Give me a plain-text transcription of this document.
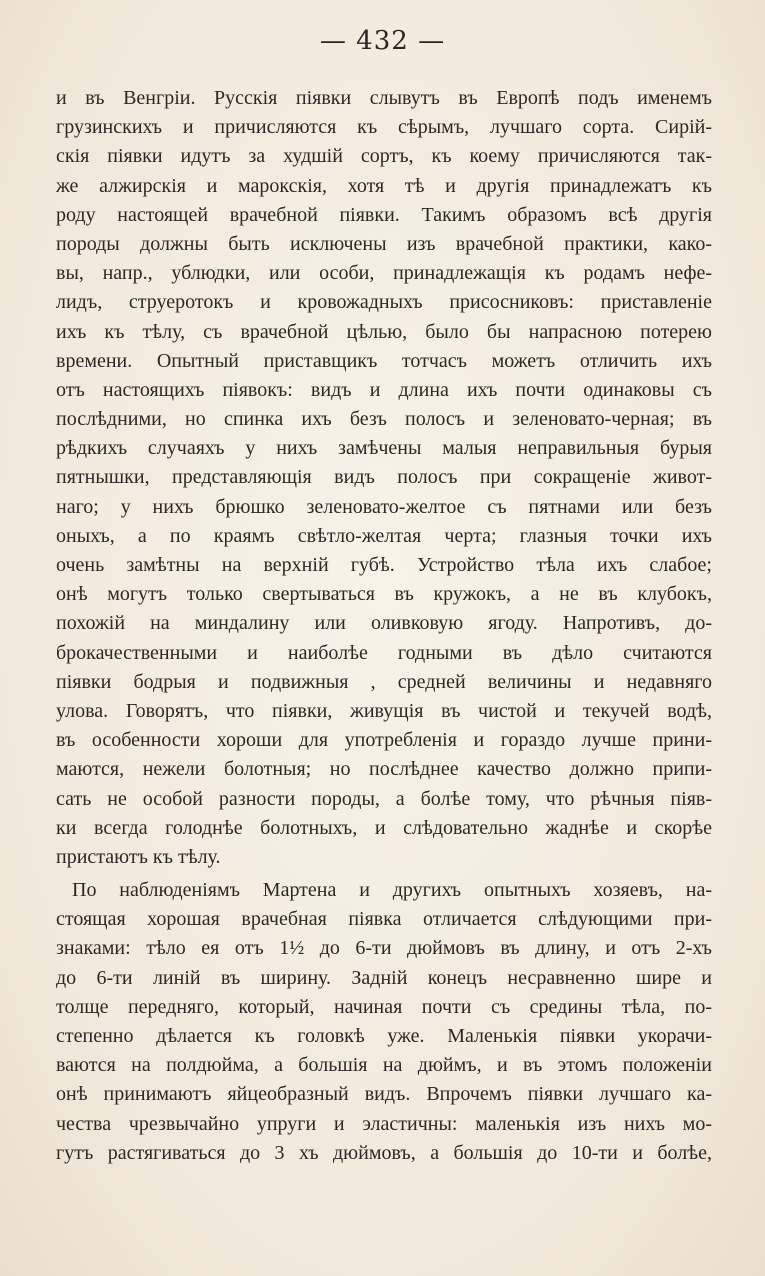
— 432 —
и въ Венгріи. Русскія піявки слывутъ въ Европѣ подъ именемъ
грузинскихъ и причисляются къ сѣрымъ, лучшаго сорта. Сирій-
скія піявки идутъ за худшій сортъ, къ коему причисляются так-
же алжирскія и марокскія, хотя тѣ и другія принадлежатъ къ
роду настоящей врачебной піявки. Такимъ образомъ всѣ другія
породы должны быть исключены изъ врачебной практики, како-
вы, напр., ублюдки, или особи, принадлежащія къ родамъ нефе-
лидъ, струеротокъ и кровожадныхъ присосниковъ: приставленіе
ихъ къ тѣлу, съ врачебной цѣлью, было бы напрасною потерею
времени. Опытный приставщикъ тотчасъ можетъ отличить ихъ
отъ настоящихъ піявокъ: видъ и длина ихъ почти одинаковы съ
послѣдними, но спинка ихъ безъ полосъ и зеленовато-черная; въ
рѣдкихъ случаяхъ у нихъ замѣчены малыя неправильныя бурыя
пятнышки, представляющія видъ полосъ при сокращеніе живот-
наго; у нихъ брюшко зеленовато-желтое съ пятнами или безъ
оныхъ, а по краямъ свѣтло-желтая черта; глазныя точки ихъ
очень замѣтны на верхній губѣ. Устройство тѣла ихъ слабое;
онѣ могутъ только свертываться въ кружокъ, а не въ клубокъ,
похожій на миндалину или оливковую ягоду. Напротивъ, до-
брокачественными и наиболѣе годными въ дѣло считаются
піявки бодрыя и подвижныя , средней величины и недавняго
улова. Говорятъ, что піявки, живущія въ чистой и текучей водѣ,
въ особенности хороши для употребленія и гораздо лучше прини-
маются, нежели болотныя; но послѣднее качество должно припи-
сать не особой разности породы, а болѣе тому, что рѣчныя піяв-
ки всегда голоднѣе болотныхъ, и слѣдовательно жаднѣе и скорѣе
пристаютъ къ тѣлу.
По наблюденіямъ Мартена и другихъ опытныхъ хозяевъ, на-
стоящая хорошая врачебная піявка отличается слѣдующими при-
знаками: тѣло ея отъ 1½ до 6-ти дюймовъ въ длину, и отъ 2-хъ
до 6-ти линій въ ширину. Задній конецъ несравненно шире и
толще передняго, который, начиная почти съ средины тѣла, по-
степенно дѣлается къ головкѣ уже. Маленькія піявки укорачи-
ваются на полдюйма, а большія на дюймъ, и въ этомъ положеніи
онѣ принимаютъ яйцеобразный видъ. Впрочемъ піявки лучшаго ка-
чества чрезвычайно упруги и эластичны: маленькія изъ нихъ мо-
гутъ растягиваться до 3 хъ дюймовъ, а большія до 10-ти и болѣе,
